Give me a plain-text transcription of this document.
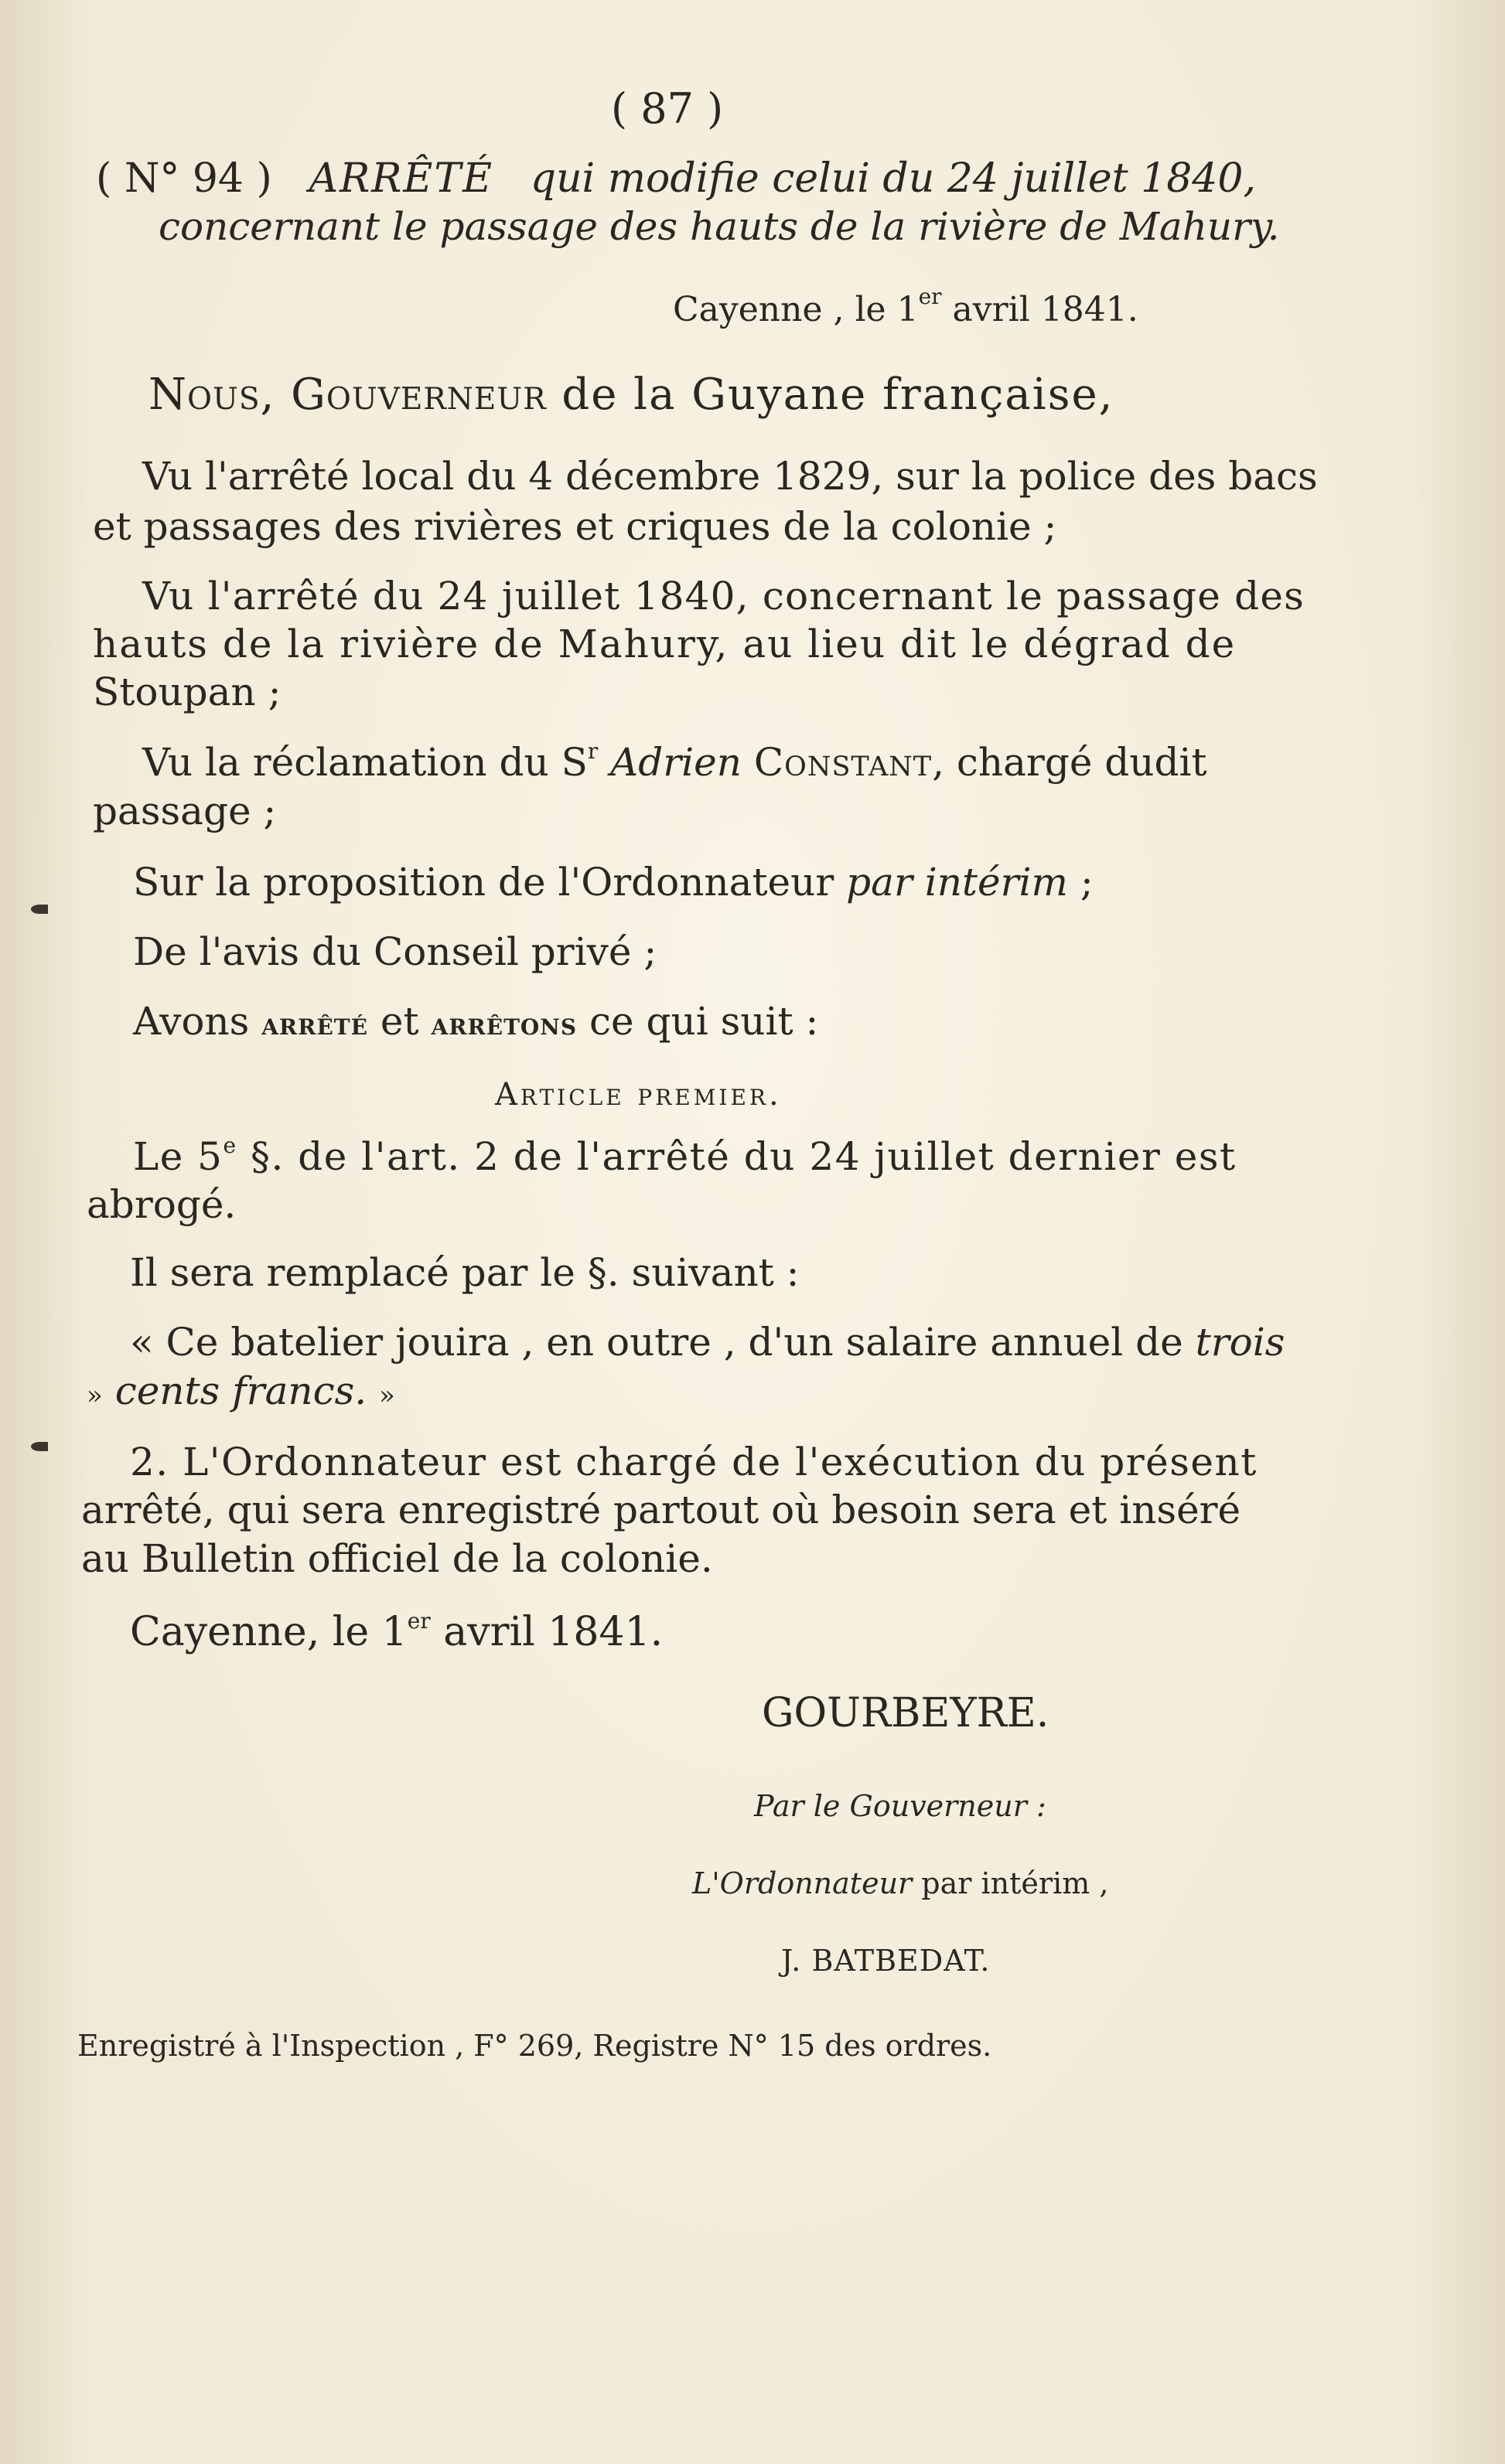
( 87 )
( N° 94 ) ARRÊTÉ qui modifie celui du 24 juillet 1840,
concernant le passage des hauts de la rivière de Mahury.
Cayenne , le 1er avril 1841.
Nous, Gouverneur de la Guyane française,
Vu l'arrêté local du 4 décembre 1829, sur la police des bacs
et passages des rivières et criques de la colonie ;
Vu l'arrêté du 24 juillet 1840, concernant le passage des
hauts de la rivière de Mahury, au lieu dit le dégrad de
Stoupan ;
Vu la réclamation du $S^r$ Adrien Constant, chargé dudit
passage ;
Sur la proposition de l'Ordonnateur par intérim ;
De l'avis du Conseil privé ;
Avons arrêté et arrêtons ce qui suit :
Article premier.
Le 5e §. de l'art. 2 de l'arrêté du 24 juillet dernier est
abrogé.
Il sera remplacé par le §. suivant :
« Ce batelier jouira , en outre , d'un salaire annuel de trois
» cents francs. »
2. L'Ordonnateur est chargé de l'exécution du présent
arrêté, qui sera enregistré partout où besoin sera et inséré
au Bulletin officiel de la colonie.
Cayenne, le 1er avril 1841.
GOURBEYRE.
Par le Gouverneur :
L'Ordonnateur par intérim ,
J. BATBEDAT.
Enregistré à l'Inspection , F° 269, Registre N° 15 des ordres.
